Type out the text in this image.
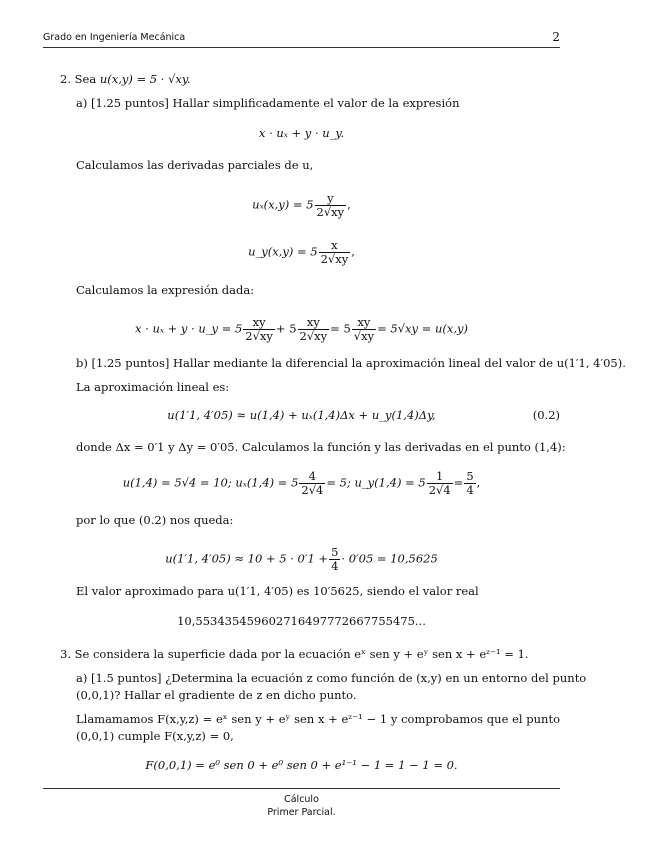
Grado en Ingeniería Mecánica	2
2. Sea u(x,y) = 5 · √xy.
a) [1.25 puntos] Hallar simplificadamente el valor de la expresión
x · uₓ + y · u_y.
Calculamos las derivadas parciales de u,
$u_x(x,y) = 5 \frac{y}{2√xy}$ ,
u_y(x,y) = $5 \frac{x}{2√xy}$ ,
Calculamos la expresión dada:
x · uₓ + y · u_y = $5 \frac{xy}{2√xy} + 5 \frac{xy}{2√xy} = 5 \frac{xy}{√xy} = 5√xy = u(x,y)$
b) [1.25 puntos] Hallar mediante la diferencial la aproximación lineal del valor de u(1′1, 4′05).
La aproximación lineal es:
u(1′1, 4′05) ≈ u(1,4) + uₓ(1,4)Δx + u_y(1,4)Δy,	(0.2)
donde Δx = 0′1 y Δy = 0′05. Calculamos la función y las derivadas en el punto (1,4):
u(1,4) = 5√4 = 10; $u_x(1,4) = 5 \frac{4}{2√4} = 5$; u_y(1,4) = $5 \frac{1}{2√4} = \frac{5}{4}$ ,
por lo que (0.2) nos queda:
u(1′1, $4'05) \approx 10 + 5 \cdot 0'1 + \frac{5}{4} \cdot 0'05 = 10,5625$
El valor aproximado para u(1′1, 4′05) es 10′5625, siendo el valor real
10,553435459602716497772667755475...
3. Se considera la superficie dada por la ecuación eˣ sen y + eʸ sen x + eᶻ⁻¹ = 1.
a) [1.5 puntos] ¿Determina la ecuación z como función de (x,y) en un entorno del punto
(0,0,1)? Hallar el gradiente de z en dicho punto.
Llamamamos F(x,y,z) = eˣ sen y + eʸ sen x + eᶻ⁻¹ − 1 y comprobamos que el punto
(0,0,1) cumple F(x,y,z) = 0,
F(0,0,1) = e⁰ sen 0 + e⁰ sen 0 + e¹⁻¹ − 1 = 1 − 1 = 0.
Cálculo
Primer Parcial.
